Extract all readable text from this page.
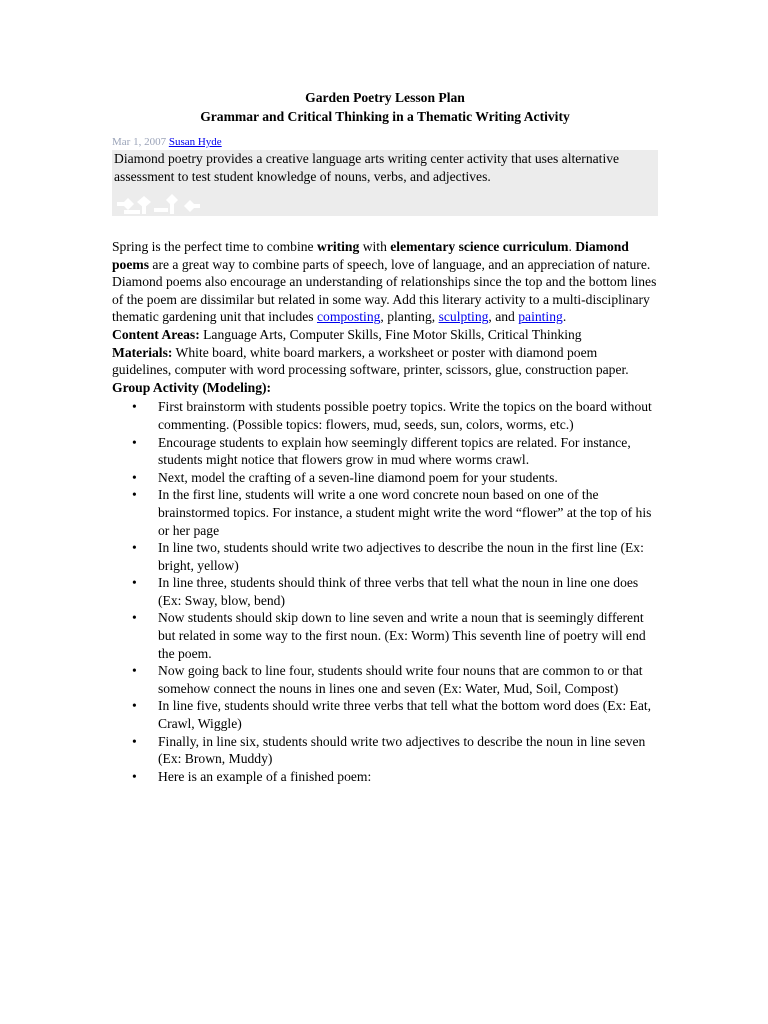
Garden Poetry Lesson Plan

Grammar and Critical Thinking in a Thematic Writing Activity

Mar 1, 2007 Susan Hyde

Diamond poetry provides a creative language arts writing center activity that uses alternative assessment to test student knowledge of nouns, verbs, and adjectives.

Spring is the perfect time to combine writing with elementary science curriculum. Diamond poems are a great way to combine parts of speech, love of language, and an appreciation of nature. Diamond poems also encourage an understanding of relationships since the top and the bottom lines of the poem are dissimilar but related in some way. Add this literary activity to a multi-disciplinary thematic gardening unit that includes composting, planting, sculpting, and painting.

Content Areas: Language Arts, Computer Skills, Fine Motor Skills, Critical Thinking

Materials: White board, white board markers, a worksheet or poster with diamond poem guidelines, computer with word processing software, printer, scissors, glue, construction paper.

Group Activity (Modeling):

• First brainstorm with students possible poetry topics. Write the topics on the board without commenting. (Possible topics: flowers, mud, seeds, sun, colors, worms, etc.)
• Encourage students to explain how seemingly different topics are related. For instance, students might notice that flowers grow in mud where worms crawl.
• Next, model the crafting of a seven-line diamond poem for your students.
• In the first line, students will write a one word concrete noun based on one of the brainstormed topics. For instance, a student might write the word “flower” at the top of his or her page
• In line two, students should write two adjectives to describe the noun in the first line (Ex: bright, yellow)
• In line three, students should think of three verbs that tell what the noun in line one does (Ex: Sway, blow, bend)
• Now students should skip down to line seven and write a noun that is seemingly different but related in some way to the first noun. (Ex: Worm) This seventh line of poetry will end the poem.
• Now going back to line four, students should write four nouns that are common to or that somehow connect the nouns in lines one and seven (Ex: Water, Mud, Soil, Compost)
• In line five, students should write three verbs that tell what the bottom word does (Ex: Eat, Crawl, Wiggle)
• Finally, in line six, students should write two adjectives to describe the noun in line seven (Ex: Brown, Muddy)
• Here is an example of a finished poem:
